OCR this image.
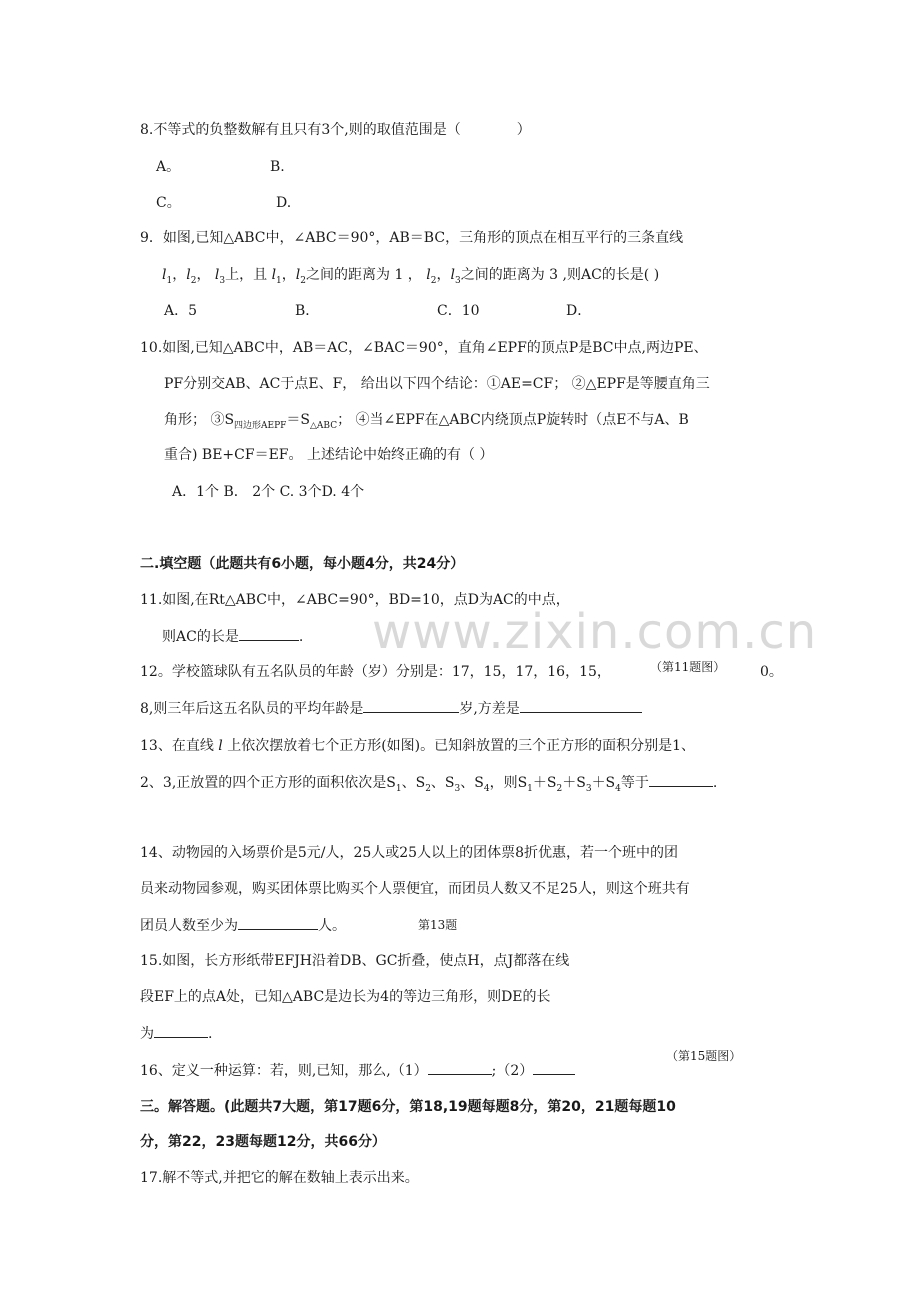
www.zixin.com.cn
8.不等式的负整数解有且只有3个,则的取值范围是（	）
A。	B.
C。	D.
9．如图,已知△ABC中，∠ABC＝90°，AB＝BC，三角形的顶点在相互平行的三条直线
$l_1$，$l_2$， $l_3$上，且 $l_1$，$l_2$之间的距离为 1 ， $l_2$，$l_3$之间的距离为 3 ,则AC的长是( )
A．5	B．	C．10	D．
10.如图,已知△ABC中，AB＝AC，∠BAC＝90°，直角∠EPF的顶点P是BC中点,两边PE、
PF分别交AB、AC于点E、F， 给出以下四个结论：①AE=CF； ②△EPF是等腰直角三
角形； $③S_{四边形AEPF}=S_{\triangle ABC}$； ④当∠EPF在△ABC内绕顶点P旋转时（点E不与A、B
重合) BE+CF＝EF。 上述结论中始终正确的有（ ）
A．1个 B． 2个 C. 3个D. 4个
二.填空题（此题共有6小题，每小题4分，共24分）
11.如图,在Rt△ABC中，∠ABC=90°，BD=10，点D为AC的中点，
则AC的长是	.
12。学校篮球队有五名队员的年龄（岁）分别是：17，15，17，16，15，	（第11题图） 0。
8,则三年后这五名队员的平均年龄是	岁,方差是
13、在直线 l 上依次摆放着七个正方形(如图)。已知斜放置的三个正方形的面积分别是1、
2、3,正放置的四个正方形的面积依次是$S_1$、$S_2$、$S_3$、$S_4$，则$S_1+S_2+S_3+S_4$等于	.
14、动物园的入场票价是5元/人，25人或25人以上的团体票8折优惠，若一个班中的团
员来动物园参观，购买团体票比购买个人票便宜，而团员人数又不足25人，则这个班共有
团员人数至少为	人。	第13题
15.如图，长方形纸带EFJH沿着DB、GC折叠，使点H，点J都落在线
段EF上的点A处，已知△ABC是边长为4的等边三角形，则DE的长
为	.
（第15题图）
16、定义一种运算：若，则,已知，那么,（1）	;（2）
三。解答题。(此题共7大题，第17题6分，第18,19题每题8分，第20，21题每题10
分，第22，23题每题12分，共66分）
17.解不等式,并把它的解在数轴上表示出来。
